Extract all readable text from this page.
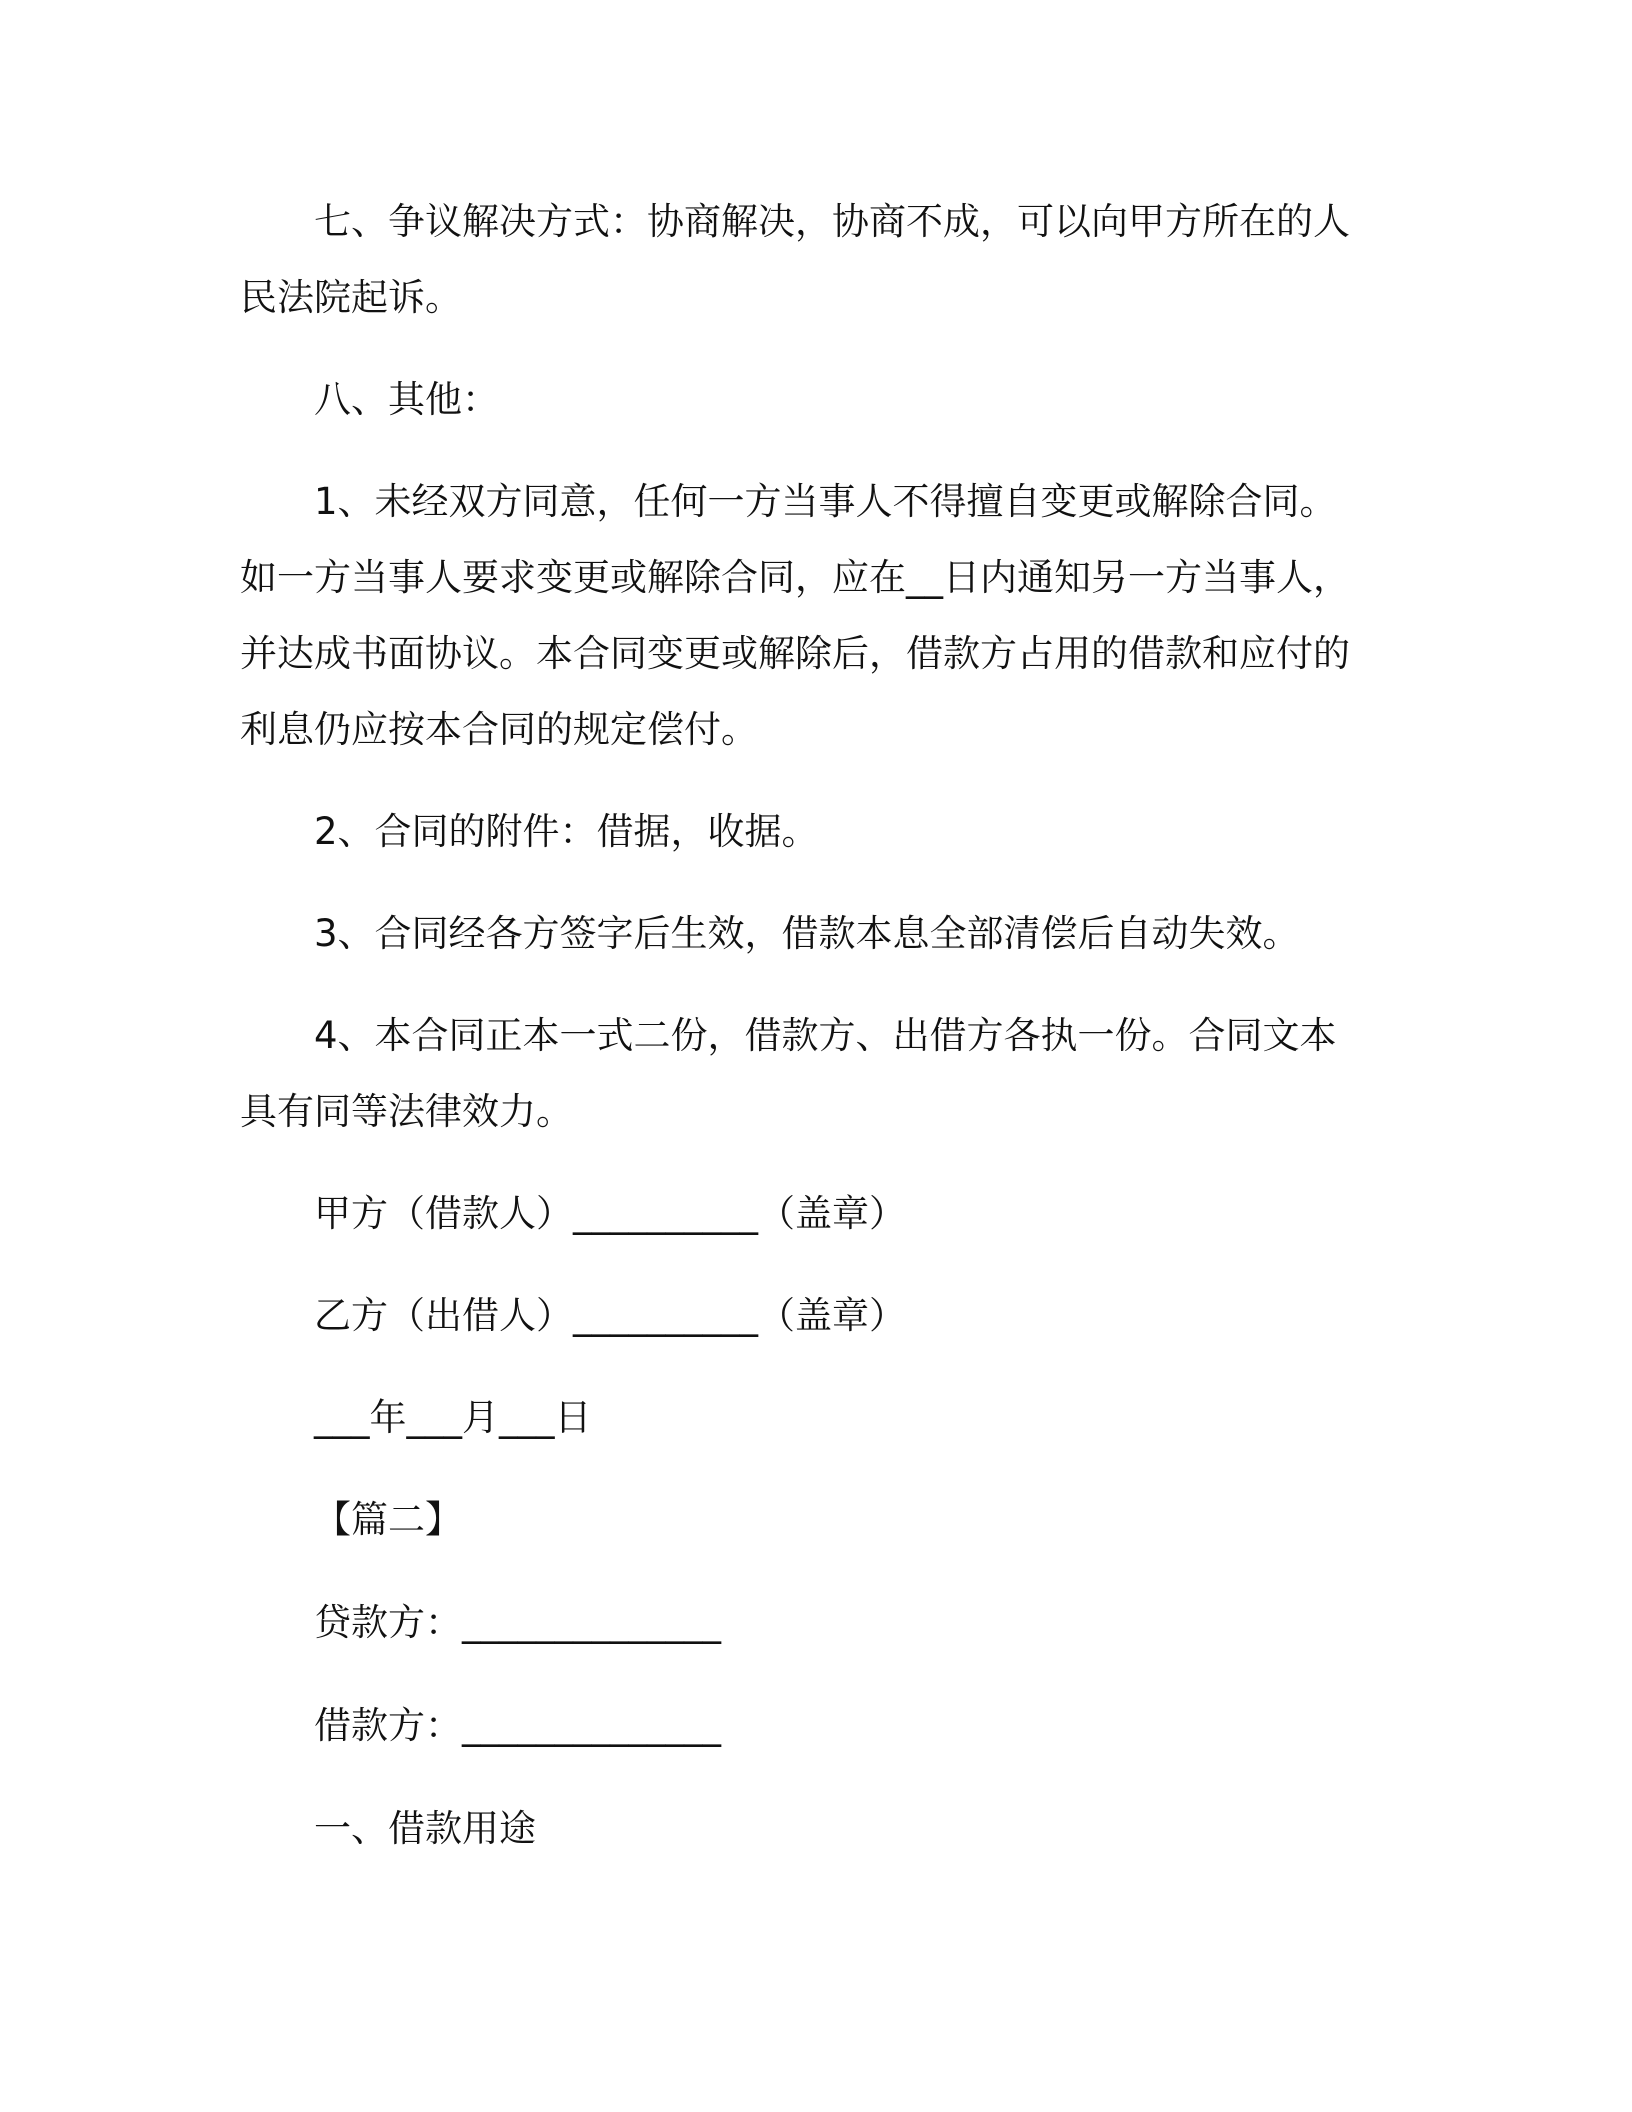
七、争议解决方式：协商解决，协商不成，可以向甲方所在的人民法院起诉。

八、其他：

1、未经双方同意，任何一方当事人不得擅自变更或解除合同。如一方当事人要求变更或解除合同，应在__日内通知另一方当事人，并达成书面协议。本合同变更或解除后，借款方占用的借款和应付的利息仍应按本合同的规定偿付。

2、合同的附件：借据，收据。

3、合同经各方签字后生效，借款本息全部清偿后自动失效。

4、本合同正本一式二份，借款方、出借方各执一份。合同文本具有同等法律效力。

甲方（借款人）__________（盖章）

乙方（出借人）__________（盖章）

___年___月___日

【篇二】

贷款方：______________

借款方：______________

一、借款用途
